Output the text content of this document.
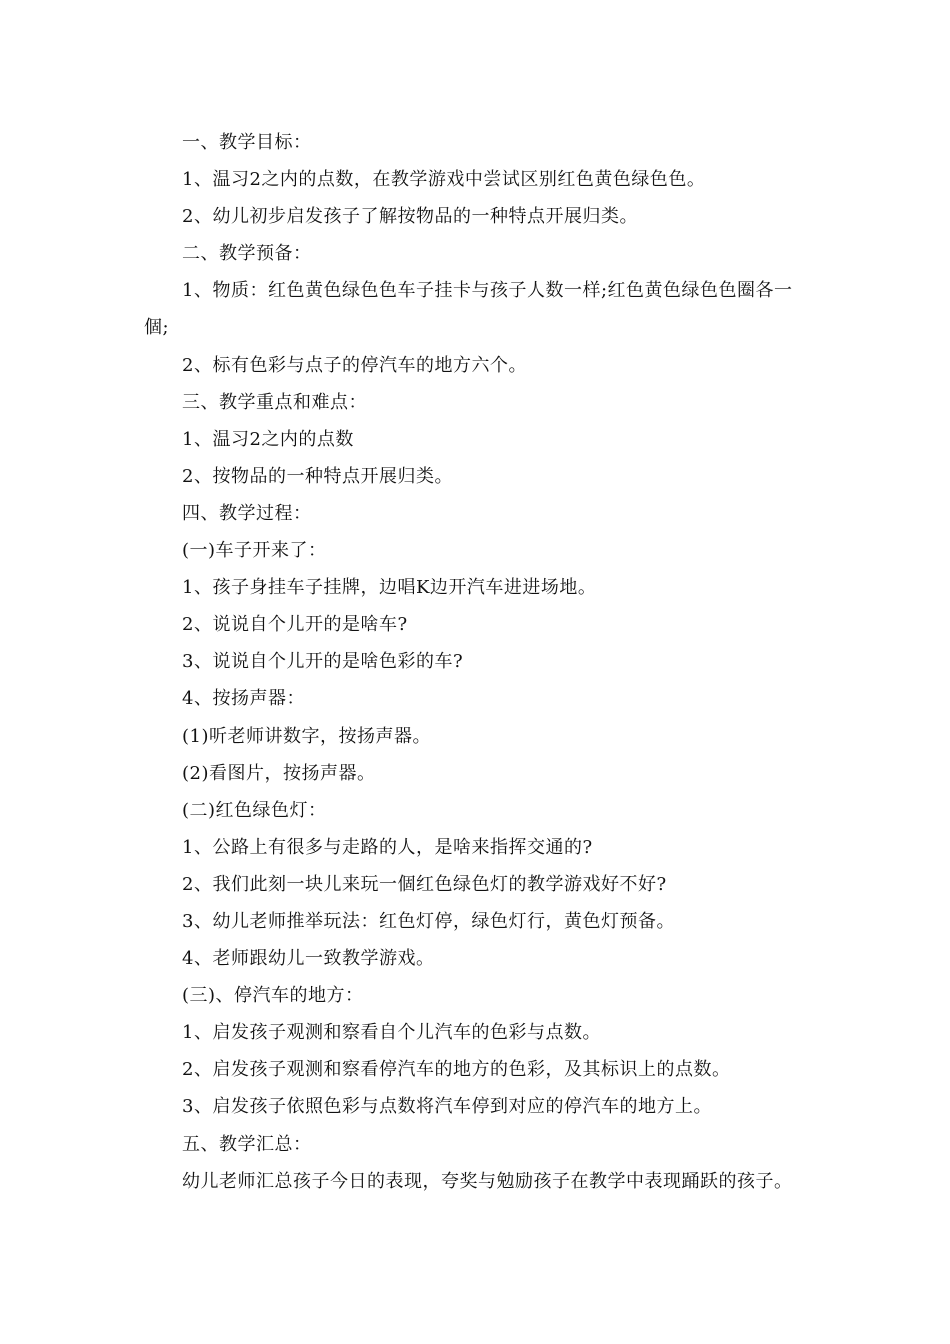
一、教学目标：

1、温习2之内的点数，在教学游戏中尝试区别红色黄色绿色色。

2、幼儿初步启发孩子了解按物品的一种特点开展归类。

二、教学预备：

1、物质：红色黄色绿色色车子挂卡与孩子人数一样;红色黄色绿色色圈各一個;

2、标有色彩与点子的停汽车的地方六个。

三、教学重点和难点：

1、温习2之内的点数

2、按物品的一种特点开展归类。

四、教学过程：

(一)车子开来了：

1、孩子身挂车子挂牌，边唱K边开汽车进进场地。

2、说说自个儿开的是啥车?

3、说说自个儿开的是啥色彩的车?

4、按扬声器：

(1)听老师讲数字，按扬声器。

(2)看图片，按扬声器。

(二)红色绿色灯：

1、公路上有很多与走路的人，是啥来指挥交通的?

2、我们此刻一块儿来玩一個红色绿色灯的教学游戏好不好?

3、幼儿老师推举玩法：红色灯停，绿色灯行，黄色灯预备。

4、老师跟幼儿一致教学游戏。

(三)、停汽车的地方：

1、启发孩子观测和察看自个儿汽车的色彩与点数。

2、启发孩子观测和察看停汽车的地方的色彩，及其标识上的点数。

3、启发孩子依照色彩与点数将汽车停到对应的停汽车的地方上。

五、教学汇总：

幼儿老师汇总孩子今日的表现，夸奖与勉励孩子在教学中表现踊跃的孩子。
